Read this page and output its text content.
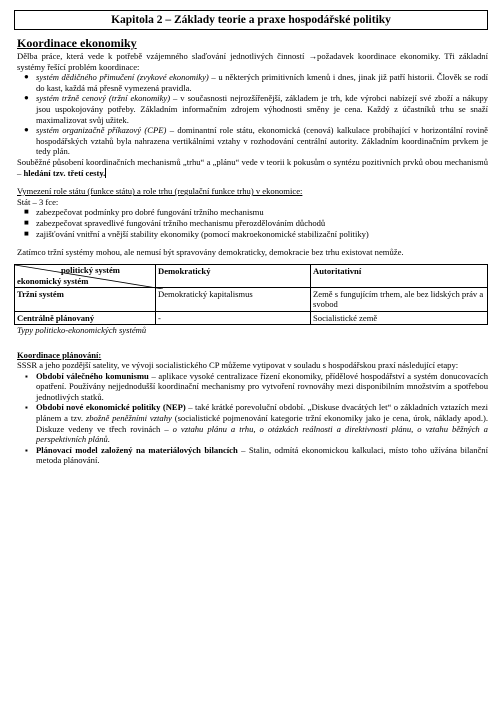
Kapitola 2 – Základy teorie a praxe hospodářské politiky
Koordinace ekonomiky
Dělba práce, která vede k potřebě vzájemného slaďování jednotlivých činností →požadavek koordinace ekonomiky. Tři základní systémy řešící problém koordinace:
● systém dědičného přimučení (zvykové ekonomiky) – u některých primitivních kmenů i dnes, jinak již patří historii. Člověk se rodí do kast, každá má přesně vymezená pravidla.
● systém tržně cenový (tržní ekonomiky) – v současnosti nejrozšířenější, základem je trh, kde výrobci nabízejí své zboží a nákupy jsou uspokojovány potřeby. Základním informačním zdrojem výhodnosti směny je cena. Každý z účastníků trhu se snaží maximalizovat svůj užitek.
● systém organizačně příkazový (CPE) – dominantní role státu, ekonomická (cenová) kalkulace probíhající v horizontální rovině hospodářských vztahů byla nahrazena vertikálními vztahy v rozhodování centrální autority. Základním koordinačním prvkem je tedy plán.
Souběžné působení koordinačních mechanismů „trhu“ a „plánu“ vede v teorii k pokusům o syntézu pozitivních prvků obou mechanismů – hledání tzv. třetí cesty.
Vymezení role státu (funkce státu) a role trhu (regulační funkce trhu) v ekonomice:
Stát – 3 fce:
■ zabezpečovat podmínky pro dobré fungování tržního mechanismu
■ zabezpečovat spravedlivé fungování tržního mechanismu přerozdělováním důchodů
■ zajišťování vnitřní a vnější stability ekonomiky (pomocí makroekonomické stabilizační politiky)
Zatímco tržní systémy mohou, ale nemusí být spravovány demokraticky, demokracie bez trhu existovat nemůže.
politický systém
ekonomický systém	Demokratický	Autoritativní
Tržní systém	Demokratický kapitalismus	Země s fungujícím trhem, ale bez lidských práv a svobod
Centrálně plánovaný	-	Socialistické země
Typy politicko-ekonomických systémů
Koordinace plánování:
SSSR a jeho pozdější satelity, ve vývoji socialistického CP můžeme vytipovat v souladu s hospodářskou praxí následující etapy:
▪ Období válečného komunismu – aplikace vysoké centralizace řízení ekonomiky, přídělové hospodářství a systém donucovacích opatření. Používány nejjednodušší koordinační mechanismy pro vytvoření rovnováhy mezi disponibilním množstvím a spotřebou jednotlivých statků.
▪ Období nové ekonomické politiky (NEP) – také krátké porevoluční období. „Diskuse dvacátých let“ o základních vztazích mezi plánem a tzv. zbožně peněžními vztahy (socialistické pojmenování kategorie tržní ekonomiky jako je cena, úrok, náklady apod.). Diskuze vedeny ve třech rovinách – o vztahu plánu a trhu, o otázkách reálnosti a direktivnosti plánu, o vztahu běžných a perspektivních plánů.
▪ Plánovací model založený na materiálových bilancích – Stalin, odmítá ekonomickou kalkulaci, místo toho užívána bilanční metoda plánování.
